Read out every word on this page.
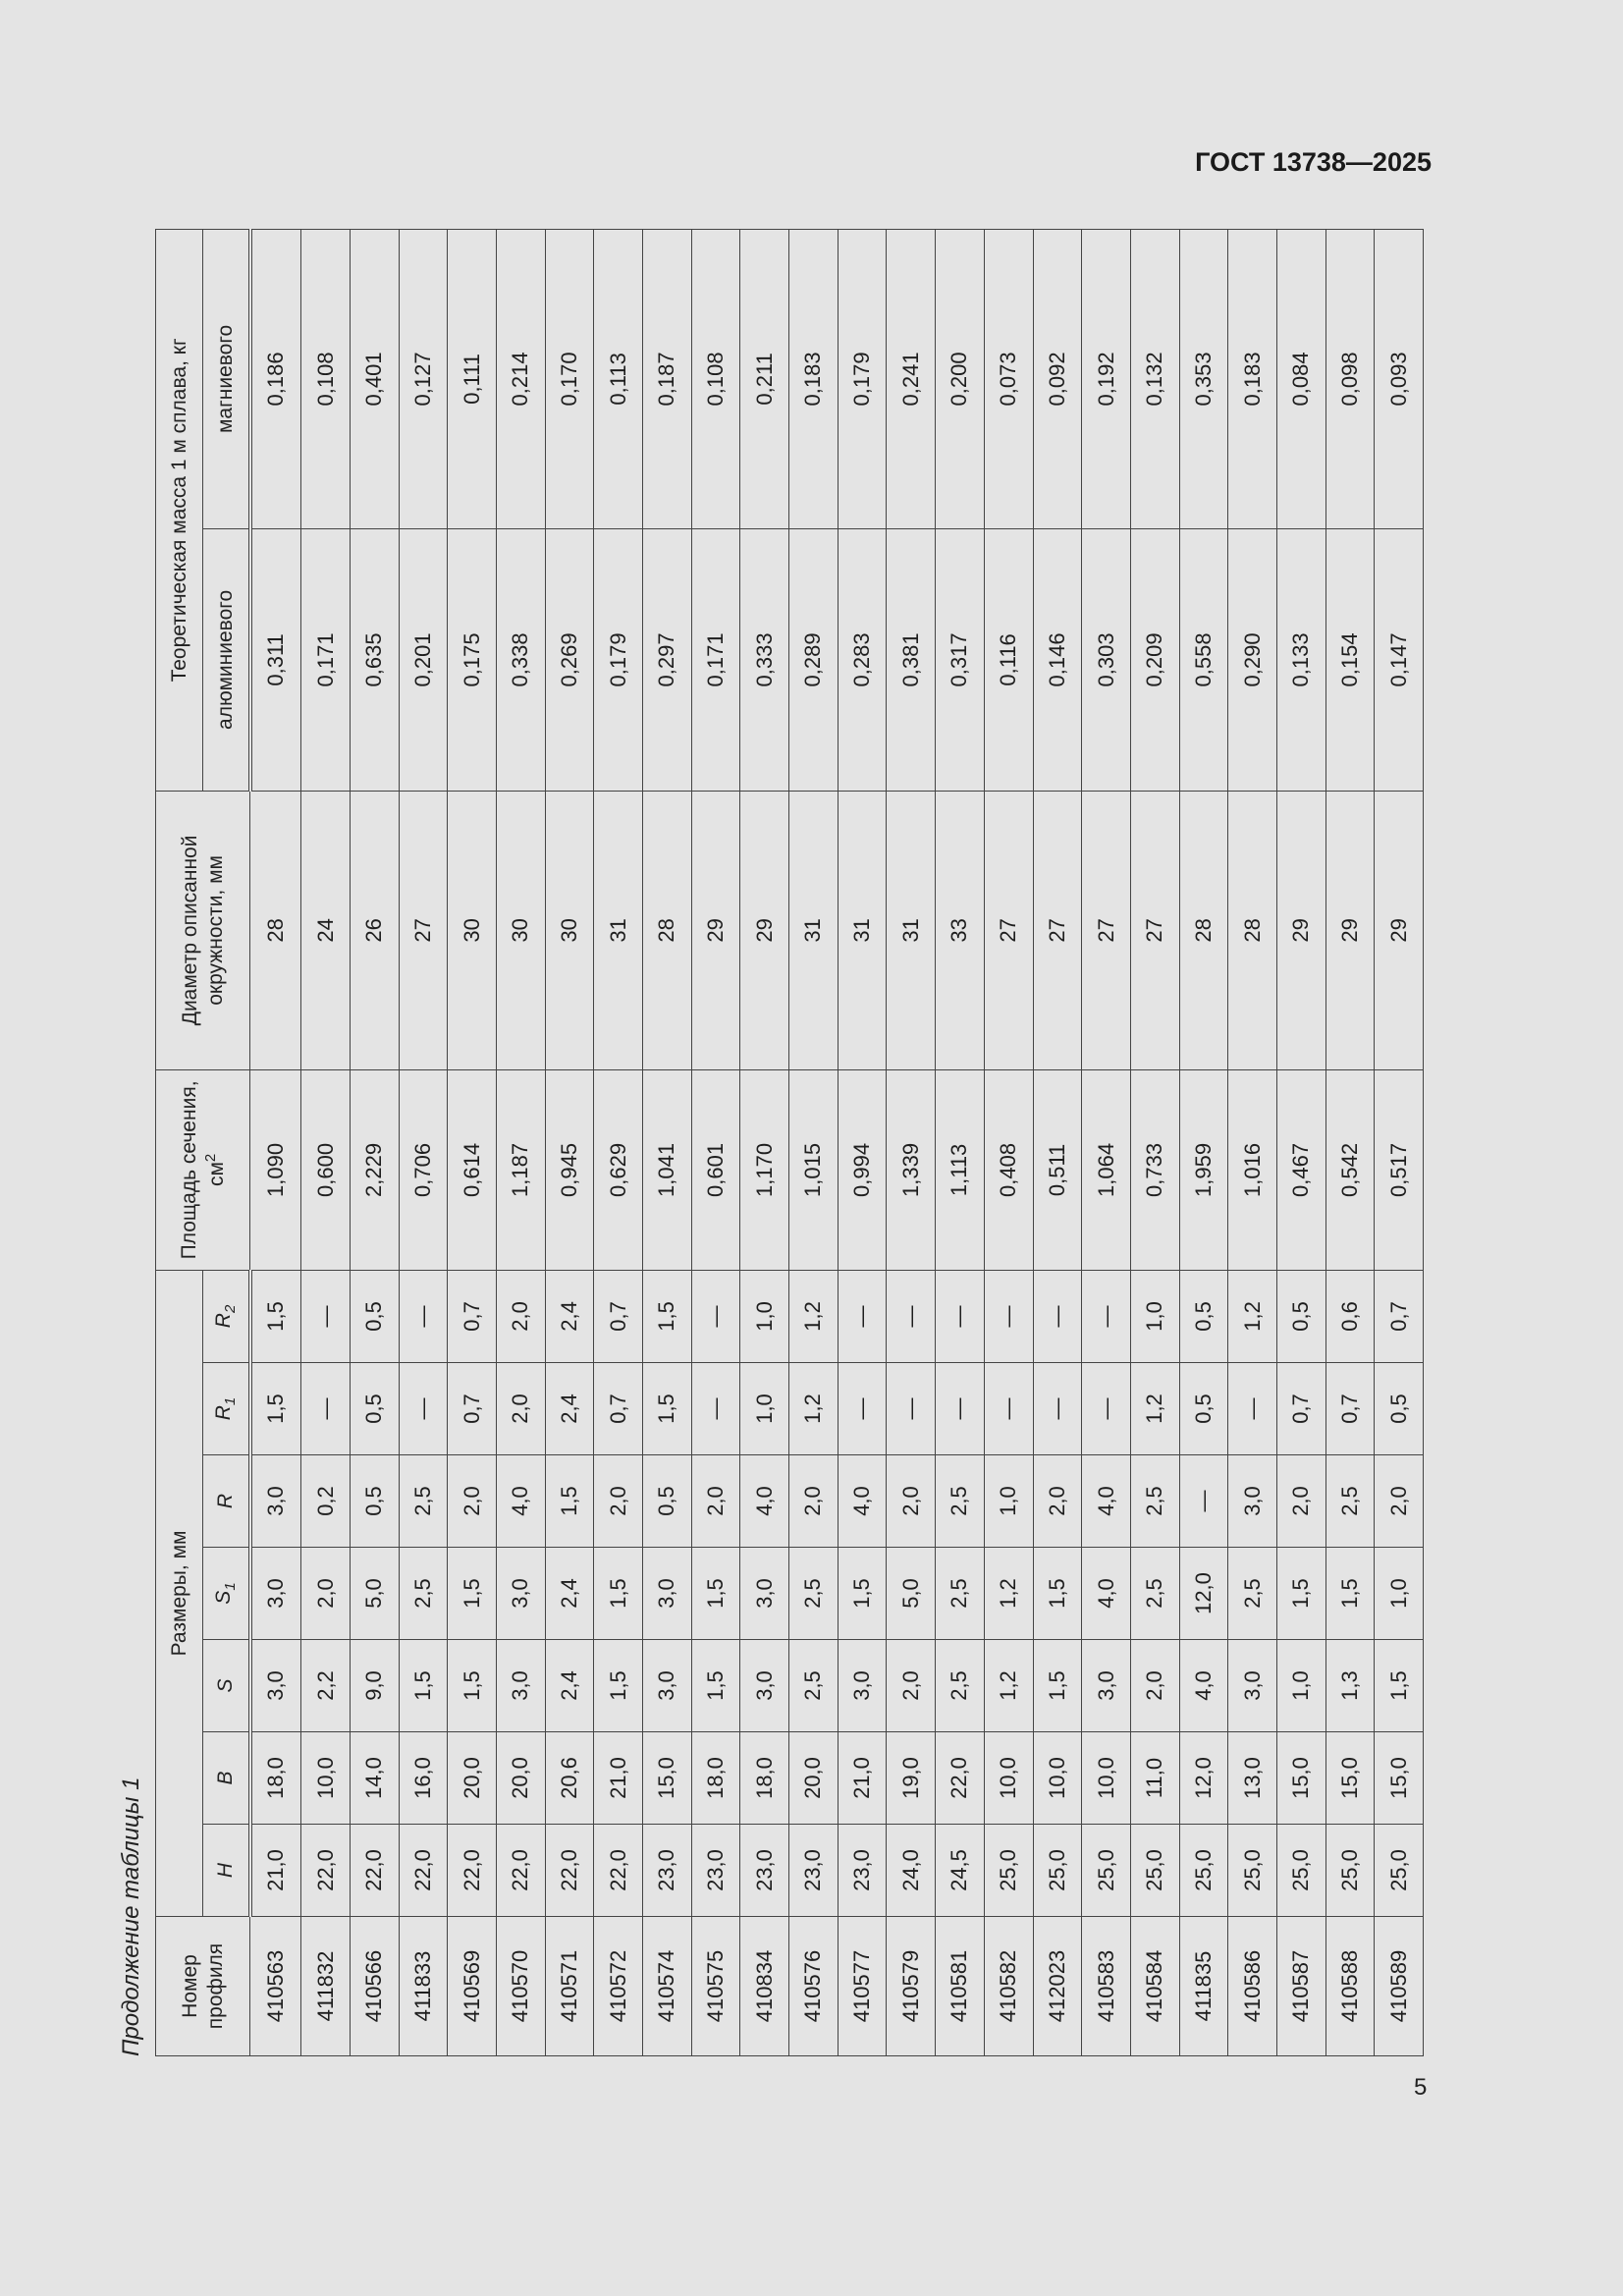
ГОСТ 13738—2025
Продолжение таблицы 1	Номер профиля	Размеры, мм							Площадь сечения, $см^2$	Диаметр описанной окружности, мм	Теоретическая масса 1 м сплава, кг	
	H	B	S	$S_1$	R	$R_1$	$R_2$			алюминиевого	магниевого
410563	21,0	18,0	3,0	3,0	3,0	1,5	1,5	1,090	28	0,311	0,186
411832	22,0	10,0	2,2	2,0	0,2	—	—	0,600	24	0,171	0,108
410566	22,0	14,0	9,0	5,0	0,5	0,5	0,5	2,229	26	0,635	0,401
411833	22,0	16,0	1,5	2,5	2,5	—	—	0,706	27	0,201	0,127
410569	22,0	20,0	1,5	1,5	2,0	0,7	0,7	0,614	30	0,175	0,111
410570	22,0	20,0	3,0	3,0	4,0	2,0	2,0	1,187	30	0,338	0,214
410571	22,0	20,6	2,4	2,4	1,5	2,4	2,4	0,945	30	0,269	0,170
410572	22,0	21,0	1,5	1,5	2,0	0,7	0,7	0,629	31	0,179	0,113
410574	23,0	15,0	3,0	3,0	0,5	1,5	1,5	1,041	28	0,297	0,187
410575	23,0	18,0	1,5	1,5	2,0	—	—	0,601	29	0,171	0,108
410834	23,0	18,0	3,0	3,0	4,0	1,0	1,0	1,170	29	0,333	0,211
410576	23,0	20,0	2,5	2,5	2,0	1,2	1,2	1,015	31	0,289	0,183
410577	23,0	21,0	3,0	1,5	4,0	—	—	0,994	31	0,283	0,179
410579	24,0	19,0	2,0	5,0	2,0	—	—	1,339	31	0,381	0,241
410581	24,5	22,0	2,5	2,5	2,5	—	—	1,113	33	0,317	0,200
410582	25,0	10,0	1,2	1,2	1,0	—	—	0,408	27	0,116	0,073
412023	25,0	10,0	1,5	1,5	2,0	—	—	0,511	27	0,146	0,092
410583	25,0	10,0	3,0	4,0	4,0	—	—	1,064	27	0,303	0,192
410584	25,0	11,0	2,0	2,5	2,5	1,2	1,0	0,733	27	0,209	0,132
411835	25,0	12,0	4,0	12,0	—	0,5	0,5	1,959	28	0,558	0,353
410586	25,0	13,0	3,0	2,5	3,0	—	1,2	1,016	28	0,290	0,183
410587	25,0	15,0	1,0	1,5	2,0	0,7	0,5	0,467	29	0,133	0,084
410588	25,0	15,0	1,3	1,5	2,5	0,7	0,6	0,542	29	0,154	0,098
410589	25,0	15,0	1,5	1,0	2,0	0,5	0,7	0,517	29	0,147	0,093
5
